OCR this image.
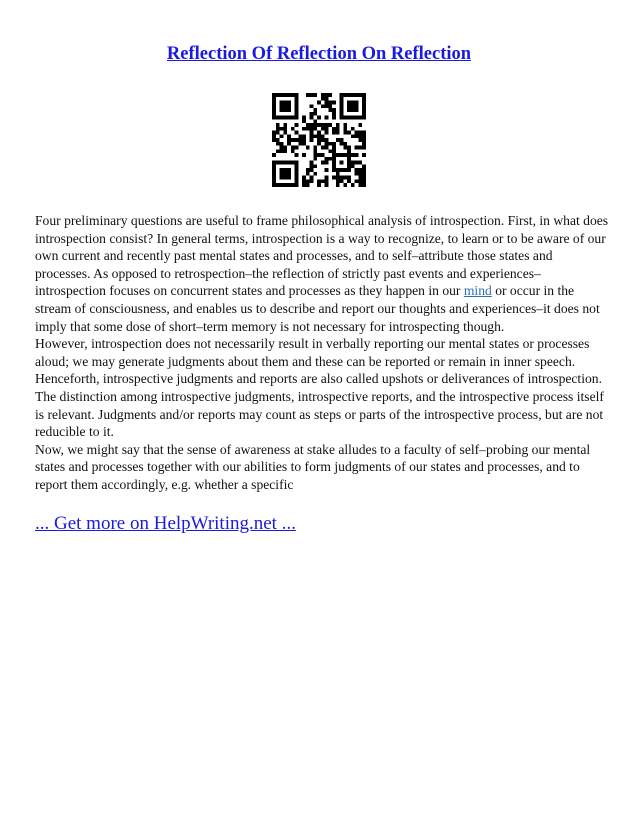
Reflection Of Reflection On Reflection

Four preliminary questions are useful to frame philosophical analysis of introspection. First, in what does introspection consist? In general terms, introspection is a way to recognize, to learn or to be aware of our own current and recently past mental states and processes, and to self–attribute those states and processes. As opposed to retrospection–the reflection of strictly past events and experiences–introspection focuses on concurrent states and processes as they happen in our mind or occur in the stream of consciousness, and enables us to describe and report our thoughts and experiences–it does not imply that some dose of short–term memory is not necessary for introspecting though.

However, introspection does not necessarily result in verbally reporting our mental states or processes aloud; we may generate judgments about them and these can be reported or remain in inner speech. Henceforth, introspective judgments and reports are also called upshots or deliverances of introspection. The distinction among introspective judgments, introspective reports, and the introspective process itself is relevant. Judgments and/or reports may count as steps or parts of the introspective process, but are not reducible to it.

Now, we might say that the sense of awareness at stake alludes to a faculty of self–probing our mental states and processes together with our abilities to form judgments of our states and processes, and to report them accordingly, e.g. whether a specific

... Get more on HelpWriting.net ...
